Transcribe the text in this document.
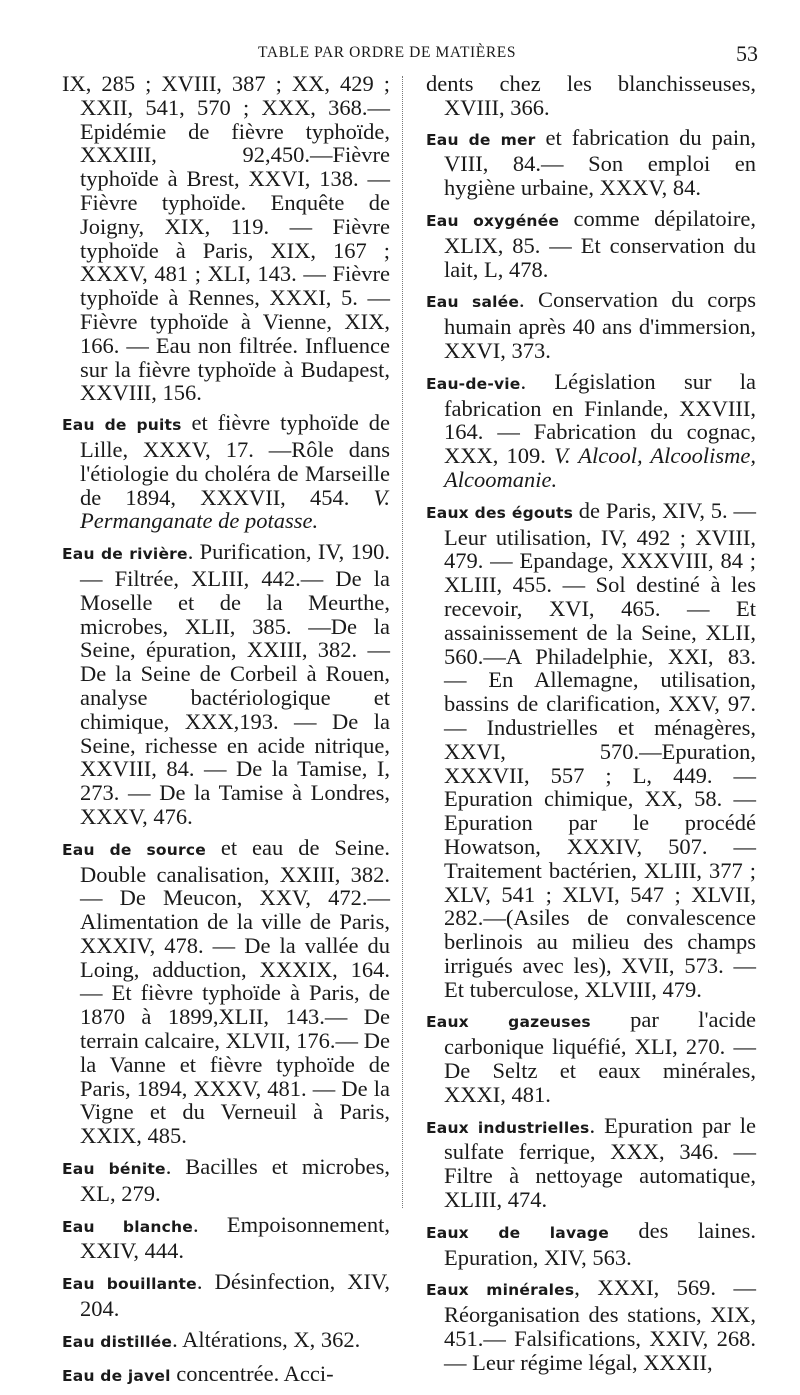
TABLE PAR ORDRE DE MATIÈRES	53

IX, 285 ; XVIII, 387 ; XX, 429 ; XXII, 541, 570 ; XXX, 368.— Epidémie de fièvre typhoïde, XXXIII, 92,450.—Fièvre typhoïde à Brest, XXVI, 138. — Fièvre typhoïde. Enquête de Joigny, XIX, 119. — Fièvre typhoïde à Paris, XIX, 167 ; XXXV, 481 ; XLI, 143. — Fièvre typhoïde à Rennes, XXXI, 5. — Fièvre typhoïde à Vienne, XIX, 166. — Eau non filtrée. Influence sur la fièvre typhoïde à Budapest, XXVIII, 156.

Eau de puits et fièvre typhoïde de Lille, XXXV, 17. —Rôle dans l'étiologie du choléra de Marseille de 1894, XXXVII, 454. V. Permanganate de potasse.

Eau de rivière. Purification, IV, 190. — Filtrée, XLIII, 442.— De la Moselle et de la Meurthe, microbes, XLII, 385. —De la Seine, épuration, XXIII, 382. — De la Seine de Corbeil à Rouen, analyse bactériologique et chimique, XXX,193. — De la Seine, richesse en acide nitrique, XXVIII, 84. — De la Tamise, I, 273. — De la Tamise à Londres, XXXV, 476.

Eau de source et eau de Seine. Double canalisation, XXIII, 382. — De Meucon, XXV, 472.— Alimentation de la ville de Paris, XXXIV, 478. — De la vallée du Loing, adduction, XXXIX, 164. — Et fièvre typhoïde à Paris, de 1870 à 1899,XLII, 143.— De terrain calcaire, XLVII, 176.— De la Vanne et fièvre typhoïde de Paris, 1894, XXXV, 481. — De la Vigne et du Verneuil à Paris, XXIX, 485.

Eau bénite. Bacilles et microbes, XL, 279.

Eau blanche. Empoisonnement, XXIV, 444.

Eau bouillante. Désinfection, XIV, 204.

Eau distillée. Altérations, X, 362.

Eau de javel concentrée. Acci-

dents chez les blanchisseuses, XVIII, 366.

Eau de mer et fabrication du pain, VIII, 84.— Son emploi en hygiène urbaine, XXXV, 84.

Eau oxygénée comme dépilatoire, XLIX, 85. — Et conservation du lait, L, 478.

Eau salée. Conservation du corps humain après 40 ans d'immersion, XXVI, 373.

Eau-de-vie. Législation sur la fabrication en Finlande, XXVIII, 164. — Fabrication du cognac, XXX, 109. V. Alcool, Alcoolisme, Alcoomanie.

Eaux des égouts de Paris, XIV, 5. — Leur utilisation, IV, 492 ; XVIII, 479. — Epandage, XXXVIII, 84 ; XLIII, 455. — Sol destiné à les recevoir, XVI, 465. — Et assainissement de la Seine, XLII, 560.—A Philadelphie, XXI, 83. — En Allemagne, utilisation, bassins de clarification, XXV, 97. — Industrielles et ménagères, XXVI, 570.—Epuration, XXXVII, 557 ; L, 449. — Epuration chimique, XX, 58. — Epuration par le procédé Howatson, XXXIV, 507. — Traitement bactérien, XLIII, 377 ; XLV, 541 ; XLVI, 547 ; XLVII, 282.—(Asiles de convalescence berlinois au milieu des champs irrigués avec les), XVII, 573. — Et tuberculose, XLVIII, 479.

Eaux gazeuses par l'acide carbonique liquéfié, XLI, 270. — De Seltz et eaux minérales, XXXI, 481.

Eaux industrielles. Epuration par le sulfate ferrique, XXX, 346. — Filtre à nettoyage automatique, XLIII, 474.

Eaux de lavage des laines. Epuration, XIV, 563.

Eaux minérales, XXXI, 569. — Réorganisation des stations, XIX, 451.— Falsifications, XXIV, 268.— Leur régime légal, XXXII,
